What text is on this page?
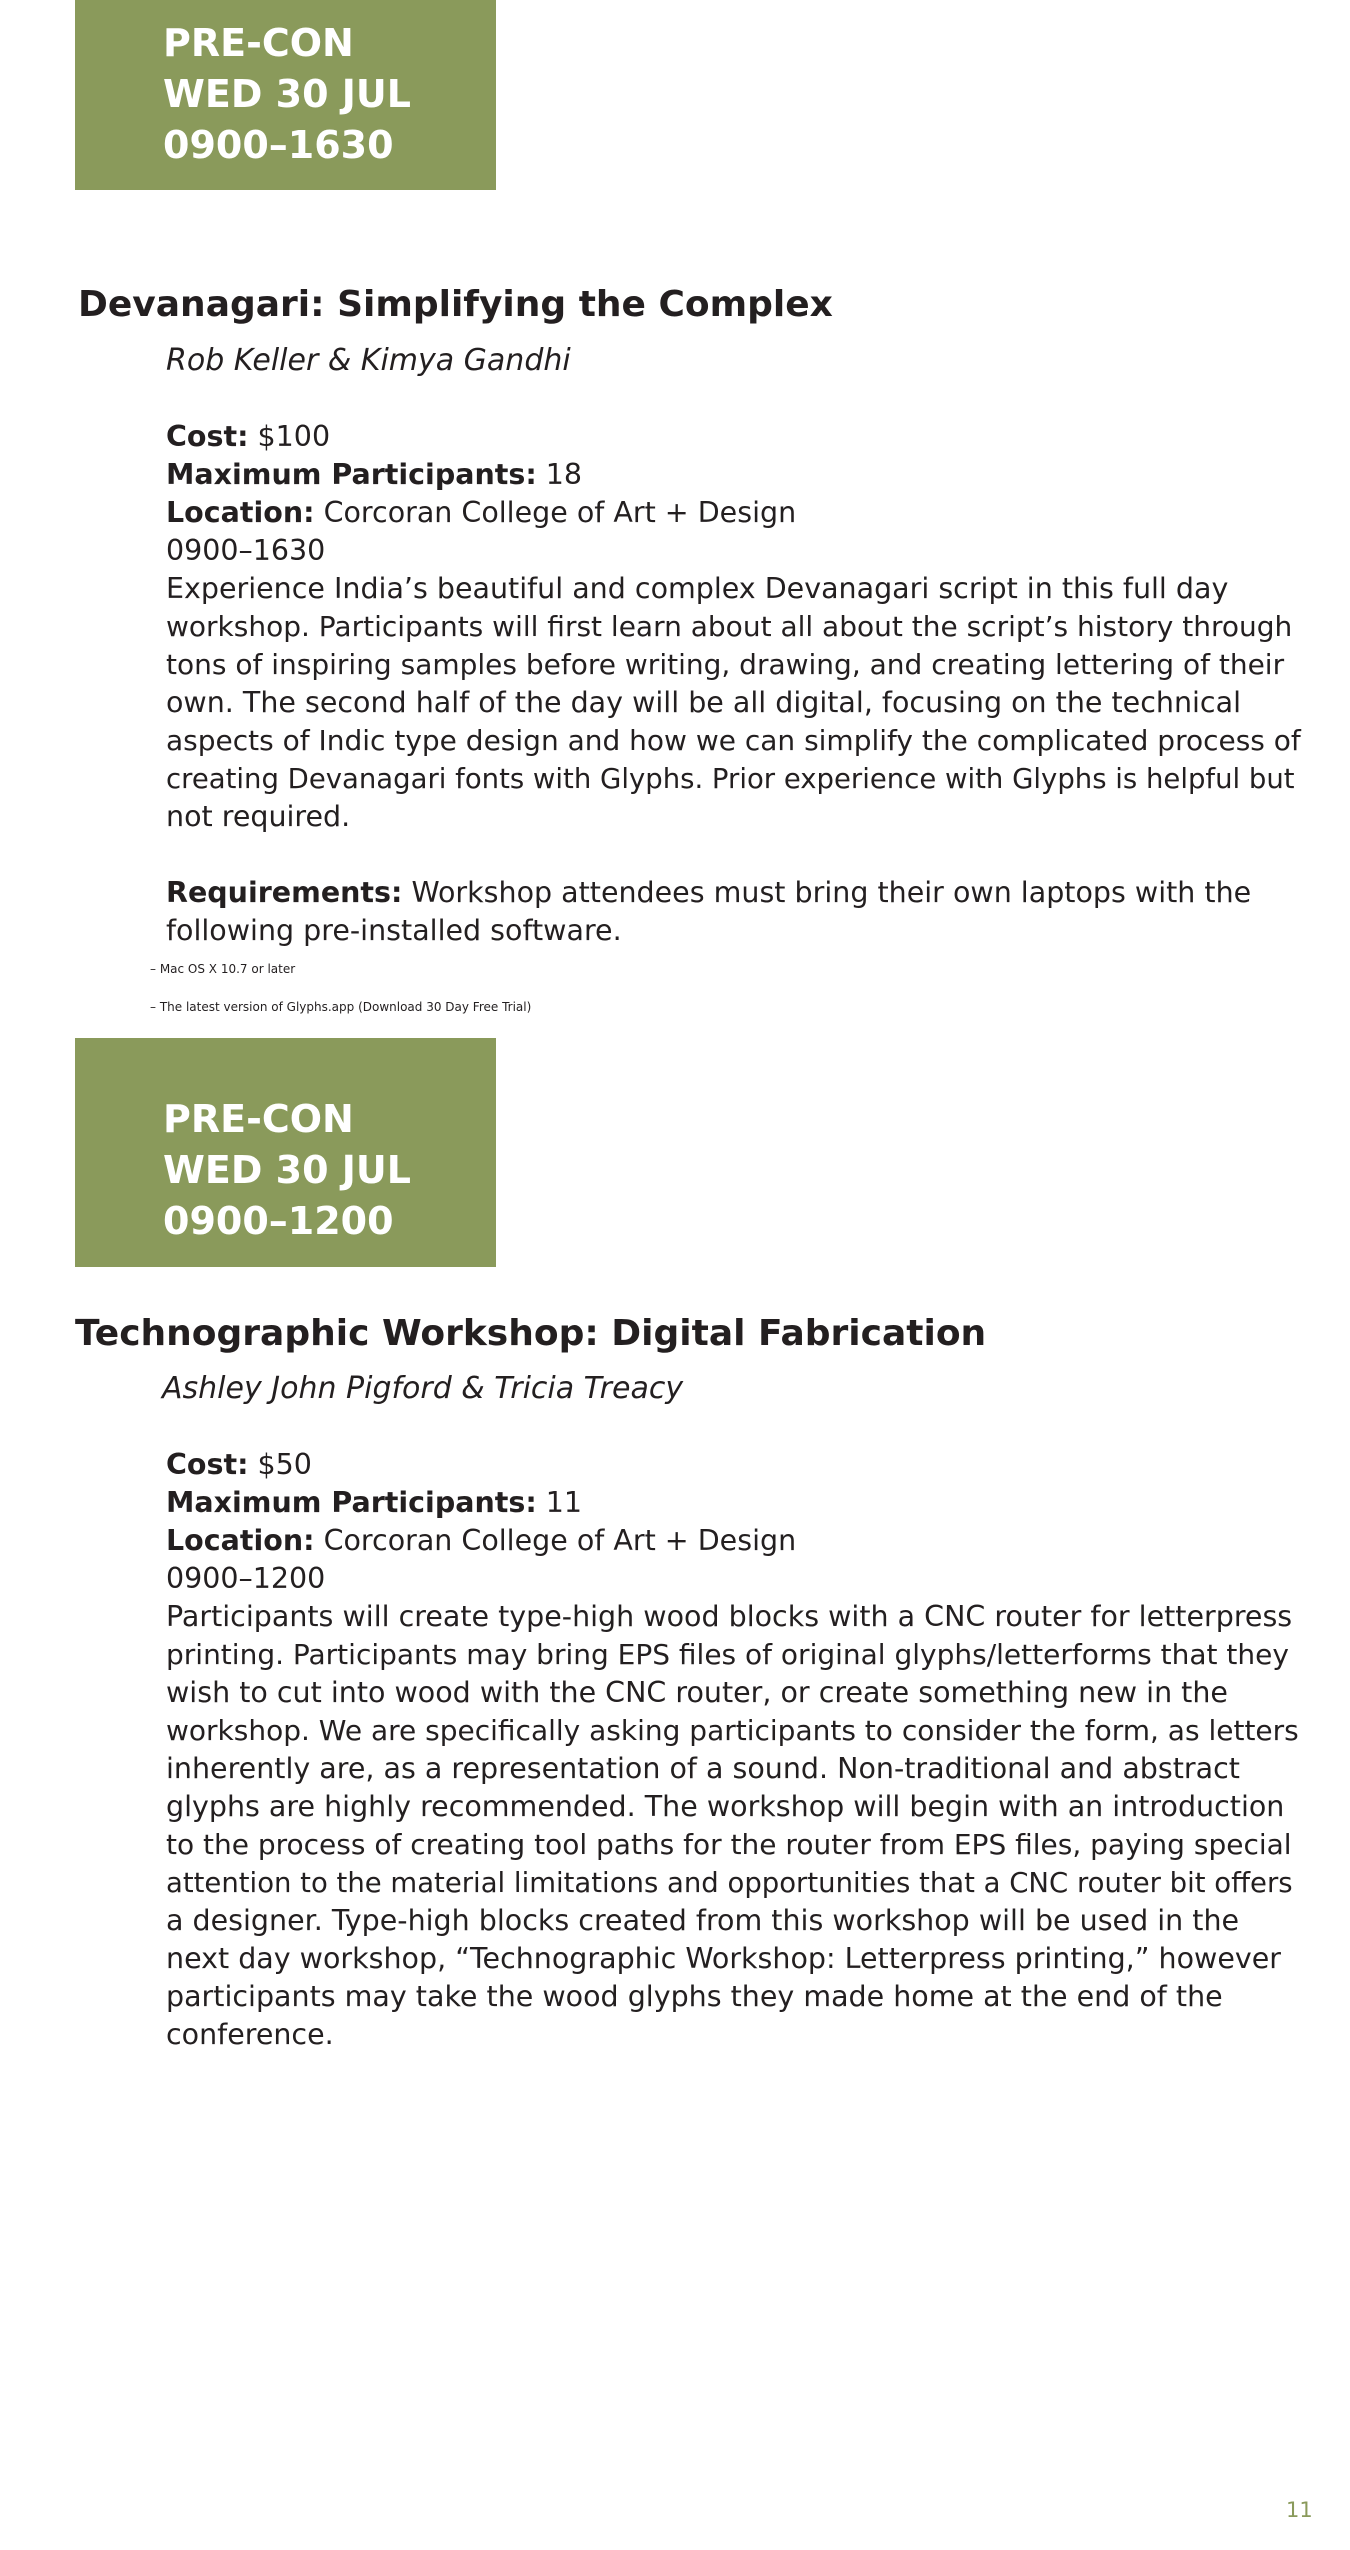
PRE-CON
WED 30 JUL
0900–1630
Devanagari: Simplifying the Complex
Rob Keller & Kimya Gandhi
Cost: $100
Maximum Participants: 18
Location: Corcoran College of Art + Design
0900–1630
Experience India’s beautiful and complex Devanagari script in this full day
workshop. Participants will first learn about all about the script’s history through
tons of inspiring samples before writing, drawing, and creating lettering of their
own. The second half of the day will be all digital, focusing on the technical
aspects of Indic type design and how we can simplify the complicated process of
creating Devanagari fonts with Glyphs. Prior experience with Glyphs is helpful but
not required.
Requirements: Workshop attendees must bring their own laptops with the
following pre-installed software.
– Mac OS X 10.7 or later
– The latest version of Glyphs.app (Download 30 Day Free Trial)
PRE-CON
WED 30 JUL
0900–1200
Technographic Workshop: Digital Fabrication
Ashley John Pigford & Tricia Treacy
Cost: $50
Maximum Participants: 11
Location: Corcoran College of Art + Design
0900–1200
Participants will create type-high wood blocks with a CNC router for letterpress
printing. Participants may bring EPS files of original glyphs/letterforms that they
wish to cut into wood with the CNC router, or create something new in the
workshop. We are specifically asking participants to consider the form, as letters
inherently are, as a representation of a sound. Non-traditional and abstract
glyphs are highly recommended. The workshop will begin with an introduction
to the process of creating tool paths for the router from EPS files, paying special
attention to the material limitations and opportunities that a CNC router bit offers
a designer. Type-high blocks created from this workshop will be used in the
next day workshop, “Technographic Workshop: Letterpress printing,” however
participants may take the wood glyphs they made home at the end of the
conference.
11
